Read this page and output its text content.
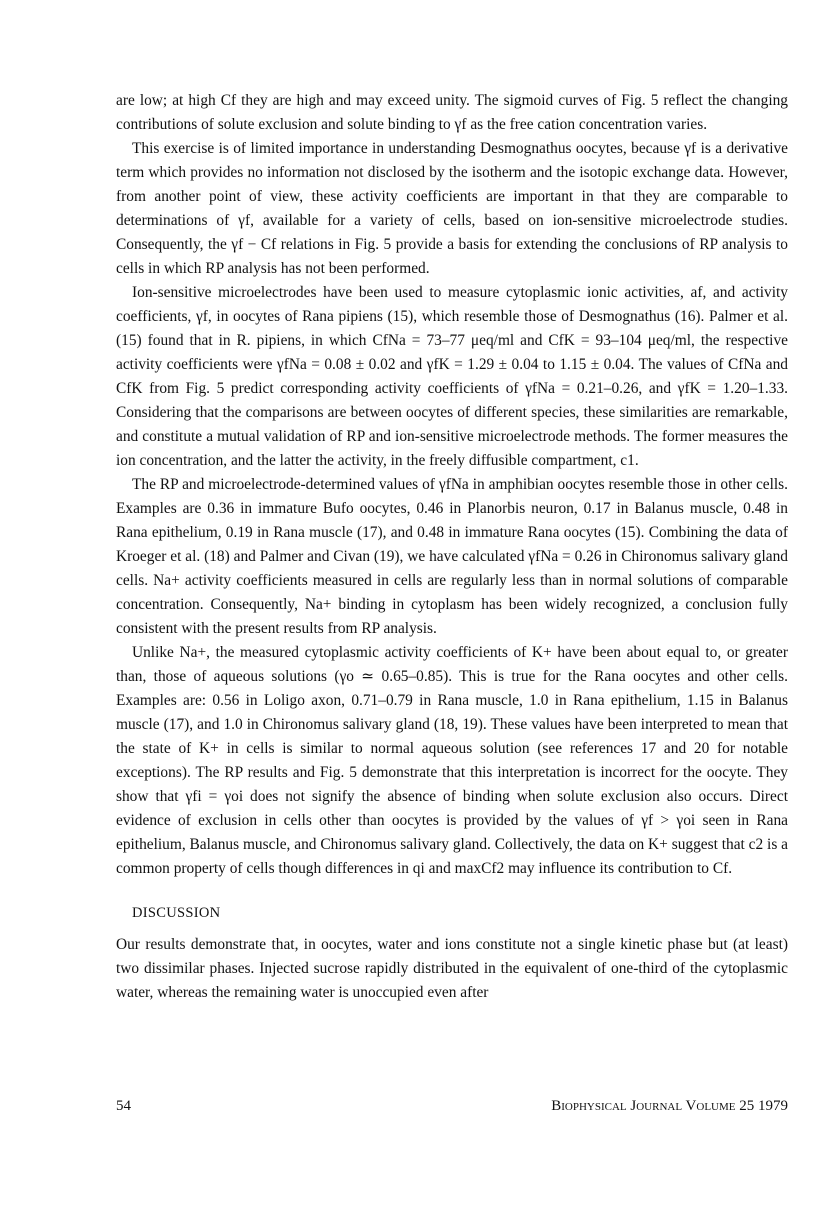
are low; at high Cf they are high and may exceed unity. The sigmoid curves of Fig. 5 reflect the changing contributions of solute exclusion and solute binding to γf as the free cation concentration varies.

This exercise is of limited importance in understanding Desmognathus oocytes, because γf is a derivative term which provides no information not disclosed by the isotherm and the isotopic exchange data. However, from another point of view, these activity coefficients are important in that they are comparable to determinations of γf, available for a variety of cells, based on ion-sensitive microelectrode studies. Consequently, the γf − Cf relations in Fig. 5 provide a basis for extending the conclusions of RP analysis to cells in which RP analysis has not been performed.

Ion-sensitive microelectrodes have been used to measure cytoplasmic ionic activities, af, and activity coefficients, γf, in oocytes of Rana pipiens (15), which resemble those of Desmognathus (16). Palmer et al. (15) found that in R. pipiens, in which CfNa = 73–77 μeq/ml and CfK = 93–104 μeq/ml, the respective activity coefficients were γfNa = 0.08 ± 0.02 and γfK = 1.29 ± 0.04 to 1.15 ± 0.04. The values of CfNa and CfK from Fig. 5 predict corresponding activity coefficients of γfNa = 0.21–0.26, and γfK = 1.20–1.33. Considering that the comparisons are between oocytes of different species, these similarities are remarkable, and constitute a mutual validation of RP and ion-sensitive microelectrode methods. The former measures the ion concentration, and the latter the activity, in the freely diffusible compartment, c1.

The RP and microelectrode-determined values of γfNa in amphibian oocytes resemble those in other cells. Examples are 0.36 in immature Bufo oocytes, 0.46 in Planorbis neuron, 0.17 in Balanus muscle, 0.48 in Rana epithelium, 0.19 in Rana muscle (17), and 0.48 in immature Rana oocytes (15). Combining the data of Kroeger et al. (18) and Palmer and Civan (19), we have calculated γfNa = 0.26 in Chironomus salivary gland cells. Na+ activity coefficients measured in cells are regularly less than in normal solutions of comparable concentration. Consequently, Na+ binding in cytoplasm has been widely recognized, a conclusion fully consistent with the present results from RP analysis.

Unlike Na+, the measured cytoplasmic activity coefficients of K+ have been about equal to, or greater than, those of aqueous solutions (γo ≃ 0.65–0.85). This is true for the Rana oocytes and other cells. Examples are: 0.56 in Loligo axon, 0.71–0.79 in Rana muscle, 1.0 in Rana epithelium, 1.15 in Balanus muscle (17), and 1.0 in Chironomus salivary gland (18, 19). These values have been interpreted to mean that the state of K+ in cells is similar to normal aqueous solution (see references 17 and 20 for notable exceptions). The RP results and Fig. 5 demonstrate that this interpretation is incorrect for the oocyte. They show that γfi = γoi does not signify the absence of binding when solute exclusion also occurs. Direct evidence of exclusion in cells other than oocytes is provided by the values of γf > γoi seen in Rana epithelium, Balanus muscle, and Chironomus salivary gland. Collectively, the data on K+ suggest that c2 is a common property of cells though differences in qi and maxCf2 may influence its contribution to Cf.

DISCUSSION

Our results demonstrate that, in oocytes, water and ions constitute not a single kinetic phase but (at least) two dissimilar phases. Injected sucrose rapidly distributed in the equivalent of one-third of the cytoplasmic water, whereas the remaining water is unoccupied even after

54	Biophysical Journal Volume 25 1979
